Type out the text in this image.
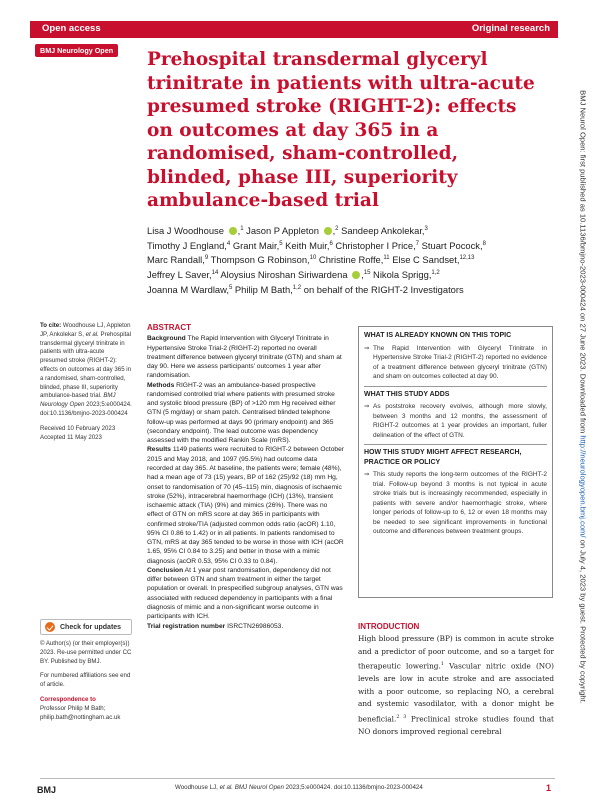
Open access	Original research
BMJ Neurology Open Prehospital transdermal glyceryl trinitrate in patients with ultra-acute presumed stroke (RIGHT-2): effects on outcomes at day 365 in a randomised, sham-controlled, blinded, phase III, superiority ambulance-based trial
Lisa J Woodhouse ,$^1$ Jason P Appleton ,$^2$ Sandeep Ankolekar,$^3$
Timothy J England,$^4$ Grant Mair,$^5$ Keith Muir,$^6$ Christopher I Price,$^7$ Stuart Pocock,$^8$
Marc Randall,$^9$ Thompson G Robinson,$^{10}$ Christine Roffe,$^{11}$ Else C Sandset,$^{12,13}$
Jeffrey L Saver,$^{14}$ Aloysius Niroshan Siriwardena ,$^{15}$ Nikola Sprigg,$^{1,2}$
Joanna M Wardlaw,$^5$ Philip M Bath,$^{1,2}$ on behalf of the RIGHT-2 Investigators

To cite: Woodhouse LJ, Appleton JP, Ankolekar S, et al. Prehospital transdermal glyceryl trinitrate in patients with ultra-acute presumed stroke (RIGHT-2): effects on outcomes at day 365 in a randomised, sham-controlled, blinded, phase III, superiority ambulance-based trial. BMJ Neurology Open 2023;5:e000424. doi:10.1136/bmjno-2023-000424

Received 10 February 2023
Accepted 11 May 2023

Check for updates

© Author(s) (or their employer(s)) 2023. Re-use permitted under CC BY. Published by BMJ.

For numbered affiliations see end of article.

Correspondence to
Professor Philip M Bath; philip.bath@nottingham.ac.uk

ABSTRACT

Background The Rapid Intervention with Glyceryl Trinitrate in Hypertensive Stroke Trial-2 (RIGHT-2) reported no overall treatment difference between glyceryl trinitrate (GTN) and sham at day 90. Here we assess participants' outcomes 1 year after randomisation.

Methods RIGHT-2 was an ambulance-based prospective randomised controlled trial where patients with presumed stroke and systolic blood pressure (BP) of >120 mm Hg received either GTN (5 mg/day) or sham patch. Centralised blinded telephone follow-up was performed at days 90 (primary endpoint) and 365 (secondary endpoint). The lead outcome was dependency assessed with the modified Rankin Scale (mRS).

Results 1149 patients were recruited to RIGHT-2 between October 2015 and May 2018, and 1097 (95.5%) had outcome data recorded at day 365. At baseline, the patients were; female (48%), had a mean age of 73 (15) years, BP of 162 (25)/92 (18) mm Hg, onset to randomisation of 70 (45–115) min, diagnosis of ischaemic stroke (52%), intracerebral haemorrhage (ICH) (13%), transient ischaemic attack (TIA) (9%) and mimics (26%). There was no effect of GTN on mRS score at day 365 in participants with confirmed stroke/TIA (adjusted common odds ratio (acOR) 1.10, 95% CI 0.86 to 1.42) or in all patients. In patients randomised to GTN, mRS at day 365 tended to be worse in those with ICH (acOR 1.65, 95% CI 0.84 to 3.25) and better in those with a mimic diagnosis (acOR 0.53, 95% CI 0.33 to 0.84).

Conclusion At 1 year post randomisation, dependency did not differ between GTN and sham treatment in either the target population or overall. In prespecified subgroup analyses, GTN was associated with reduced dependency in participants with a final diagnosis of mimic and a non-significant worse outcome in participants with ICH.

Trial registration number ISRCTN26986053.

WHAT IS ALREADY KNOWN ON THIS TOPIC
⇒ The Rapid Intervention with Glyceryl Trinitrate in Hypertensive Stroke Trial-2 (RIGHT-2) reported no evidence of a treatment difference between glyceryl trinitrate (GTN) and sham on outcomes collected at day 90.
WHAT THIS STUDY ADDS
⇒ As poststroke recovery evolves, although more slowly, between 3 months and 12 months, the assessment of RIGHT-2 outcomes at 1 year provides an important, fuller delineation of the effect of GTN.
HOW THIS STUDY MIGHT AFFECT RESEARCH, PRACTICE OR POLICY
⇒ This study reports the long-term outcomes of the RIGHT-2 trial. Follow-up beyond 3 months is not typical in acute stroke trials but is increasingly recommended, especially in patients with severe and/or haemorrhagic stroke, where longer periods of follow-up to 6, 12 or even 18 months may be needed to see significant improvements in functional outcome and differences between treatment groups.
INTRODUCTION

High blood pressure (BP) is common in acute stroke and a predictor of poor outcome, and so a target for therapeutic lowering.$^1$ Vascular nitric oxide (NO) levels are low in acute stroke and are associated with a poor outcome, so replacing NO, a cerebral and systemic vasodilator, with a donor might be beneficial.$^{2 3}$ Preclinical stroke studies found that NO donors improved regional cerebral

BMJ	Woodhouse LJ, et al. BMJ Neurol Open 2023;5:e000424. doi:10.1136/bmjno-2023-000424	1
BMJ Neurol Open: first published as 10.1136/bmjno-2023-000424 on 27 June 2023. Downloaded from http://neurologyopen.bmj.com/ on July 4, 2023 by guest. Protected by copyright.
